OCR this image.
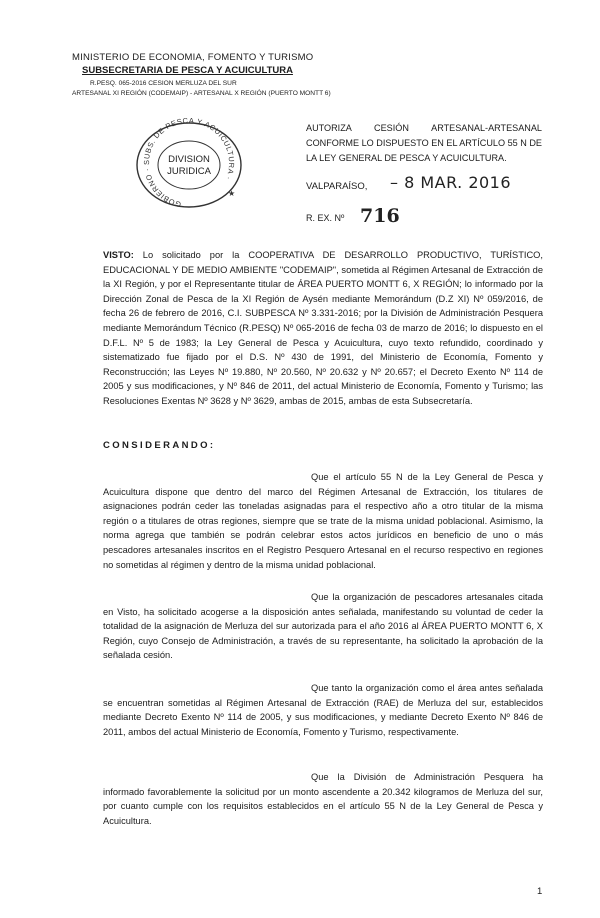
MINISTERIO DE ECONOMIA, FOMENTO Y TURISMO
SUBSECRETARIA DE PESCA Y ACUICULTURA
R.PESQ. 065-2016 CESION MERLUZA DEL SUR
ARTESANAL XI REGIÓN (CODEMAIP) - ARTESANAL X REGIÓN (PUERTO MONTT 6)
GOBIERNO · SUBS. DE PESCA Y ACUICULTURA ·
DIVISION
JURIDICA
★
AUTORIZA CESIÓN ARTESANAL-ARTESANAL CONFORME LO DISPUESTO EN EL ARTÍCULO 55 N DE LA LEY GENERAL DE PESCA Y ACUICULTURA.
VALPARAÍSO, – 8 MAR. 2016
R. EX. Nº 716
VISTO: Lo solicitado por la COOPERATIVA DE DESARROLLO PRODUCTIVO, TURÍSTICO, EDUCACIONAL Y DE MEDIO AMBIENTE "CODEMAIP", sometida al Régimen Artesanal de Extracción de la XI Región, y por el Representante titular de ÁREA PUERTO MONTT 6, X REGIÓN; lo informado por la Dirección Zonal de Pesca de la XI Región de Aysén mediante Memorándum (D.Z XI) Nº 059/2016, de fecha 26 de febrero de 2016, C.I. SUBPESCA Nº 3.331-2016; por la División de Administración Pesquera mediante Memorándum Técnico (R.PESQ) Nº 065-2016 de fecha 03 de marzo de 2016; lo dispuesto en el D.F.L. Nº 5 de 1983; la Ley General de Pesca y Acuicultura, cuyo texto refundido, coordinado y sistematizado fue fijado por el D.S. Nº 430 de 1991, del Ministerio de Economía, Fomento y Reconstrucción; las Leyes Nº 19.880, Nº 20.560, Nº 20.632 y Nº 20.657; el Decreto Exento Nº 114 de 2005 y sus modificaciones, y Nº 846 de 2011, del actual Ministerio de Economía, Fomento y Turismo; las Resoluciones Exentas Nº 3628 y Nº 3629, ambas de 2015, ambas de esta Subsecretaría.
CONSIDERANDO:
Que el artículo 55 N de la Ley General de Pesca y Acuicultura dispone que dentro del marco del Régimen Artesanal de Extracción, los titulares de asignaciones podrán ceder las toneladas asignadas para el respectivo año a otro titular de la misma región o a titulares de otras regiones, siempre que se trate de la misma unidad poblacional. Asimismo, la norma agrega que también se podrán celebrar estos actos jurídicos en beneficio de uno o más pescadores artesanales inscritos en el Registro Pesquero Artesanal en el recurso respectivo en regiones no sometidas al régimen y dentro de la misma unidad poblacional.
Que la organización de pescadores artesanales citada en Visto, ha solicitado acogerse a la disposición antes señalada, manifestando su voluntad de ceder la totalidad de la asignación de Merluza del sur autorizada para el año 2016 al ÁREA PUERTO MONTT 6, X Región, cuyo Consejo de Administración, a través de su representante, ha solicitado la aprobación de la señalada cesión.
Que tanto la organización como el área antes señalada se encuentran sometidas al Régimen Artesanal de Extracción (RAE) de Merluza del sur, establecidos mediante Decreto Exento Nº 114 de 2005, y sus modificaciones, y mediante Decreto Exento Nº 846 de 2011, ambos del actual Ministerio de Economía, Fomento y Turismo, respectivamente.
Que la División de Administración Pesquera ha informado favorablemente la solicitud por un monto ascendente a 20.342 kilogramos de Merluza del sur, por cuanto cumple con los requisitos establecidos en el artículo 55 N de la Ley General de Pesca y Acuicultura.
1
